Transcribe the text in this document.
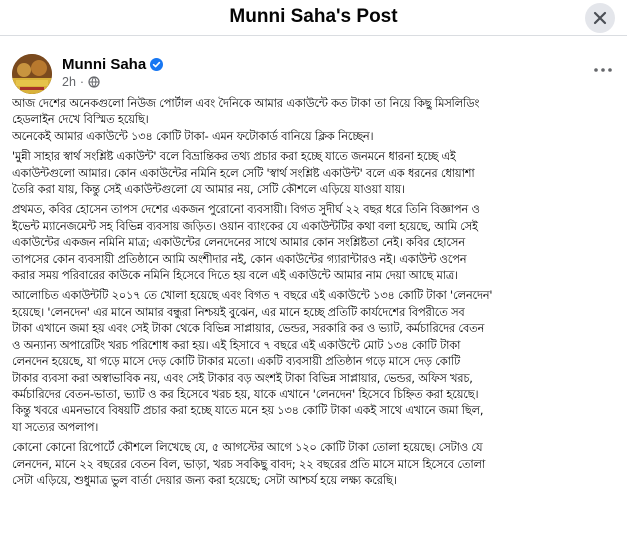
Munni Saha's Post
Munni Saha
2h ·

আজ দেশের অনেকগুলো নিউজ পোর্টাল এবং দৈনিকে আমার একাউন্টে কত টাকা তা নিয়ে কিছু মিসলিডিং
হেডলাইন দেখে বিস্মিত হয়েছি।
অনেকেই আমার একাউন্টে ১৩৪ কোটি টাকা- এমন ফটোকার্ড বানিয়ে ক্লিক নিচ্ছেন।

'মুন্নী সাহার স্বার্থ সংশ্লিষ্ট একাউন্ট' বলে বিভ্রান্তিকর তথ্য প্রচার করা হচ্ছে যাতে জনমনে ধারনা হচ্ছে এই
একাউন্টগুলো আমার। কোন একাউন্টের নমিনি হলে সেটি 'স্বার্থ সংশ্লিষ্ট একাউন্ট' বলে এক ধরনের ধোয়াশা
তৈরি করা যায়, কিন্তু সেই একাউন্টগুলো যে আমার নয়, সেটি কৌশলে এড়িয়ে যাওয়া যায়।

প্রথমত, কবির হোসেন তাপস দেশের একজন পুরোনো ব্যবসায়ী। বিগত সুদীর্ঘ ২২ বছর ধরে তিনি বিজ্ঞাপন ও
ইভেন্ট ম্যানেজমেন্ট সহ বিভিন্ন ব্যবসায় জড়িত। ওয়ান ব্যাংকের যে একাউন্টটির কথা বলা হয়েছে, আমি সেই
একাউন্টের একজন নমিনি মাত্র; একাউন্টের লেনদেনের সাথে আমার কোন সংশ্লিষ্টতা নেই। কবির হোসেন
তাপসের কোন ব্যবসায়ী প্রতিষ্ঠানে আমি অংশীদার নই, কোন একাউন্টের গ্যারান্টারও নই। একাউন্ট ওপেন
করার সময় পরিবারের কাউকে নমিনি হিসেবে দিতে হয় বলে এই একাউন্টে আমার নাম দেয়া আছে মাত্র।

আলোচিত একাউন্টটি ২০১৭ তে খোলা হয়েছে এবং বিগত ৭ বছরে এই একাউন্টে ১৩৪ কোটি টাকা 'লেনদেন'
হয়েছে। 'লেনদেন' এর মানে আমার বন্ধুরা নিশ্চয়ই বুঝেন, এর মানে হচ্ছে প্রতিটি কার্যদেশের বিপরীতে সব
টাকা এখানে জমা হয় এবং সেই টাকা থেকে বিভিন্ন সাপ্লায়ার, ভেন্ডর, সরকারি কর ও ভ্যাট, কর্মচারিদের বেতন
ও অন্যান্য অপারেটিং খরচ পরিশোধ করা হয়। এই হিসাবে ৭ বছরে এই একাউন্টে মোট ১৩৪ কোটি টাকা
লেনদেন হয়েছে, যা গড়ে মাসে দেড় কোটি টাকার মতো। একটি ব্যবসায়ী প্রতিষ্ঠান গড়ে মাসে দেড় কোটি
টাকার ব্যবসা করা অস্বাভাবিক নয়, এবং সেই টাকার বড় অংশই টাকা বিভিন্ন সাপ্লায়ার, ভেন্ডর, অফিস খরচ,
কর্মচারিদের বেতন-ভাতা, ভ্যাট ও কর হিসেবে খরচ হয়, যাকে এখানে 'লেনদেন' হিসেবে চিহ্নিত করা হয়েছে।
কিন্তু খবরে এমনভাবে বিষয়টি প্রচার করা হচ্ছে যাতে মনে হয় ১৩৪ কোটি টাকা একই সাথে এখানে জমা ছিল,
যা সত্যের অপলাপ।

কোনো কোনো রিপোর্টে কৌশলে লিখেছে যে, ৫ আগস্টের আগে ১২০ কোটি টাকা তোলা হয়েছে। সেটাও যে
লেনদেন, মানে ২২ বছরের বেতন বিল, ভাড়া, খরচ সবকিছু বাবদ; ২২ বছরের প্রতি মাসে মাসে হিসেবে তোলা
সেটা এড়িয়ে, শুধুমাত্র ভুল বার্তা দেয়ার জন্য করা হয়েছে; সেটা আশ্চর্য হয়ে লক্ষ্য করেছি।
